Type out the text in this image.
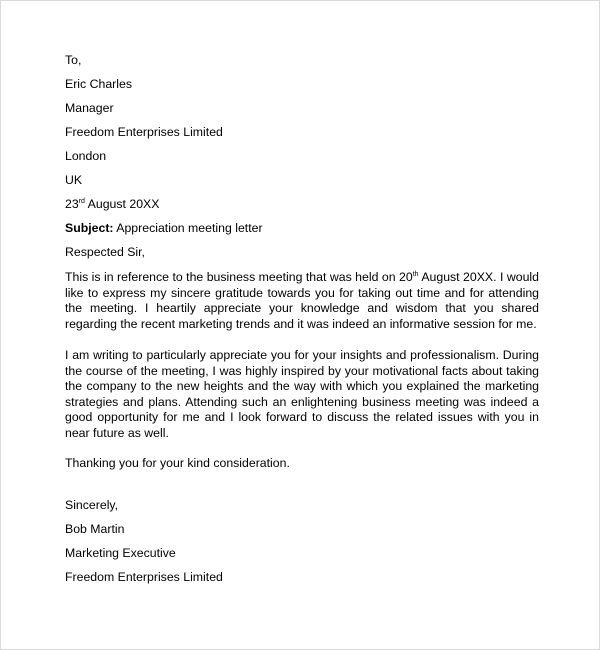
To,
Eric Charles
Manager
Freedom Enterprises Limited
London
UK
23rd August 20XX
Subject: Appreciation meeting letter
Respected Sir,

This is in reference to the business meeting that was held on 20th August 20XX. I would like to express my sincere gratitude towards you for taking out time and for attending the meeting. I heartily appreciate your knowledge and wisdom that you shared regarding the recent marketing trends and it was indeed an informative session for me.

I am writing to particularly appreciate you for your insights and professionalism. During the course of the meeting, I was highly inspired by your motivational facts about taking the company to the new heights and the way with which you explained the marketing strategies and plans. Attending such an enlightening business meeting was indeed a good opportunity for me and I look forward to discuss the related issues with you in near future as well.

Thanking you for your kind consideration.
Sincerely,
Bob Martin
Marketing Executive
Freedom Enterprises Limited
